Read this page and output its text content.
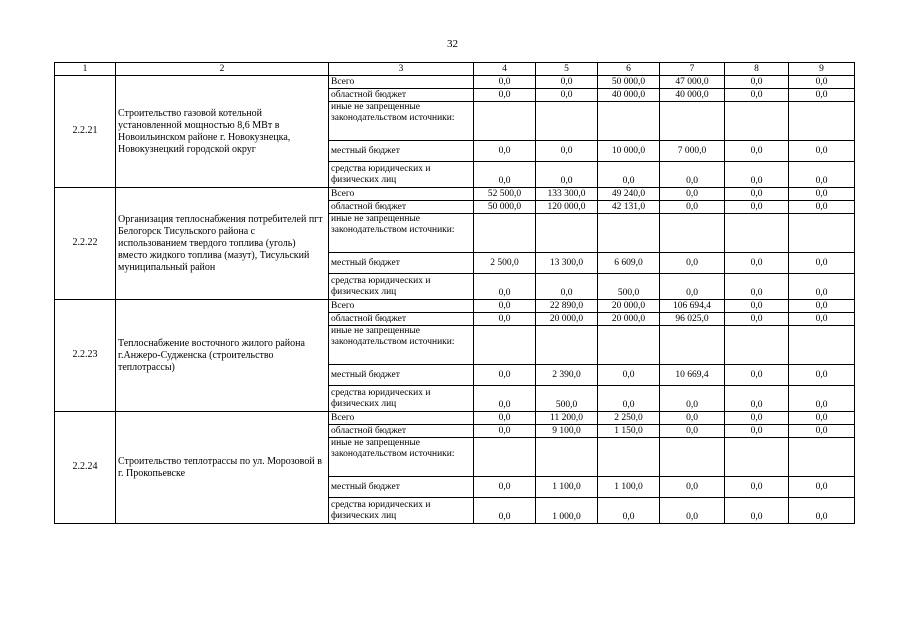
32
1	2	3	4	5	6	7	8	9
2.2.21	Строительство газовой котельной установленной мощностью 8,6 МВт в Новоильинском районе г. Новокузнецка, Новокузнецкий городской округ	Всего	0,0	0,0	50 000,0	47 000,0	0,0	0,0
		областной бюджет	0,0	0,0	40 000,0	40 000,0	0,0	0,0
		иные не запрещенные законодательством источники:						
		местный бюджет	0,0	0,0	10 000,0	7 000,0	0,0	0,0
		средства юридических и физических лиц	0,0	0,0	0,0	0,0	0,0	0,0
2.2.22	Организация теплоснабжения потребителей пгт Белогорск Тисульского района с использованием твердого топлива (уголь) вместо жидкого топлива (мазут), Тисульский муниципальный район	Всего	52 500,0	133 300,0	49 240,0	0,0	0,0	0,0
		областной бюджет	50 000,0	120 000,0	42 131,0	0,0	0,0	0,0
		иные не запрещенные законодательством источники:						
		местный бюджет	2 500,0	13 300,0	6 609,0	0,0	0,0	0,0
		средства юридических и физических лиц	0,0	0,0	500,0	0,0	0,0	0,0
2.2.23	Теплоснабжение восточного жилого района г.Анжеро-Судженска (строительство теплотрассы)	Всего	0,0	22 890,0	20 000,0	106 694,4	0,0	0,0
		областной бюджет	0,0	20 000,0	20 000,0	96 025,0	0,0	0,0
		иные не запрещенные законодательством источники:						
		местный бюджет	0,0	2 390,0	0,0	10 669,4	0,0	0,0
		средства юридических и физических лиц	0,0	500,0	0,0	0,0	0,0	0,0
2.2.24	Строительство теплотрассы по ул. Морозовой в г. Прокопьевске	Всего	0,0	11 200,0	2 250,0	0,0	0,0	0,0
		областной бюджет	0,0	9 100,0	1 150,0	0,0	0,0	0,0
		иные не запрещенные законодательством источники:						
		местный бюджет	0,0	1 100,0	1 100,0	0,0	0,0	0,0
		средства юридических и физических лиц	0,0	1 000,0	0,0	0,0	0,0	0,0
